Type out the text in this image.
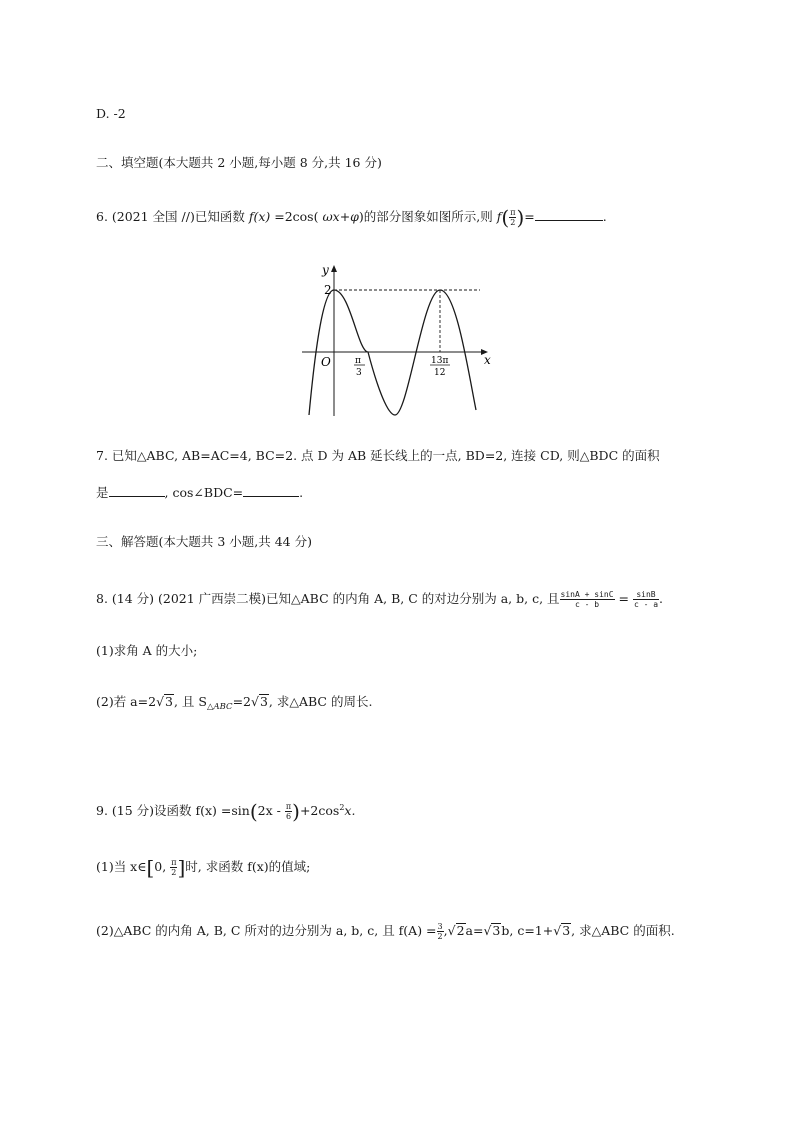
D. -2
二、填空题(本大题共 2 小题,每小题 8 分,共 16 分)
6. (2021 全国 //)已知函数 f(x) =2cos( ωx+φ)的部分图象如图所示,则 $f( \frac{\pi}{2}$ )=	.
y
x
O
2
π
3
13π
12
7. 已知△ABC, AB=AC=4, BC=2. 点 D 为 AB 延长线上的一点, BD=2, 连接 CD, 则△BDC 的面积
是	, cos∠BDC=	.
三、解答题(本大题共 3 小题,共 44 分)
8. (14 分) (2021 广西崇二模)已知△ABC 的内角 A, B, C 的对边分别为 a, b, c, 且 $\frac{\sin A + \sin C}{c - b} = \frac{\sin B}{c - a}$ .
(1)求角 A 的大小;
(2)若 a=2√3, 且 $S_{\triangle ABC}=2√3$, 求△ABC 的周长.
9. (15 分)设函数 $f(x) =\sin(2x - \frac{\pi}{6} )+2\cos^2x$.
(1)当 x∈[0, $\frac{\pi}{2}$ ]时, 求函数 f(x)的值域;
(2)△ABC 的内角 A, B, C 所对的边分别为 a, b, c, 且 $f(A) = \frac{3}{2} ,√2a=√3b$, c=1+√3, 求△ABC 的面积.
